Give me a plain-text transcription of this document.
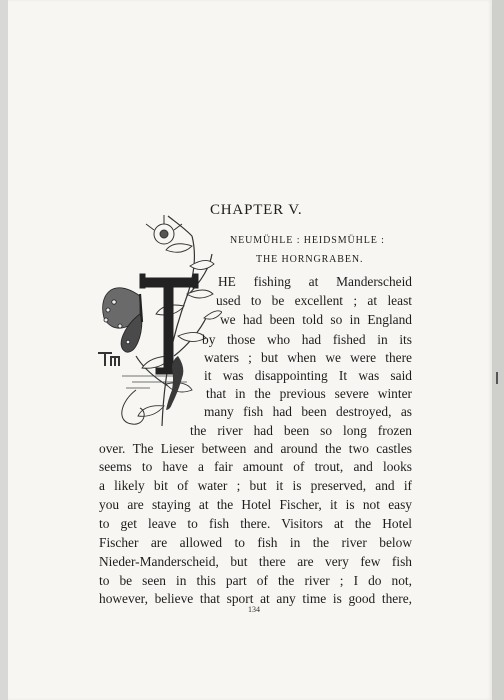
CHAPTER V.
NEUMÜHLE : HEIDSMÜHLE :
THE HORNGRABEN.
HE fishing at Manderscheid
used to be excellent ; at least
we had been told so in England
by those who had fished in its
waters ; but when we were there
it was disappointing It was said
that in the previous severe winter
many fish had been destroyed, as
the river had been so long frozen
over. The Lieser between and around the two castles
seems to have a fair amount of trout, and looks
a likely bit of water ; but it is preserved, and if
you are staying at the Hotel Fischer, it is not easy
to get leave to fish there. Visitors at the Hotel
Fischer are allowed to fish in the river below
Nieder-Manderscheid, but there are very few fish
to be seen in this part of the river ; I do not,
however, believe that sport at any time is good there,
134
